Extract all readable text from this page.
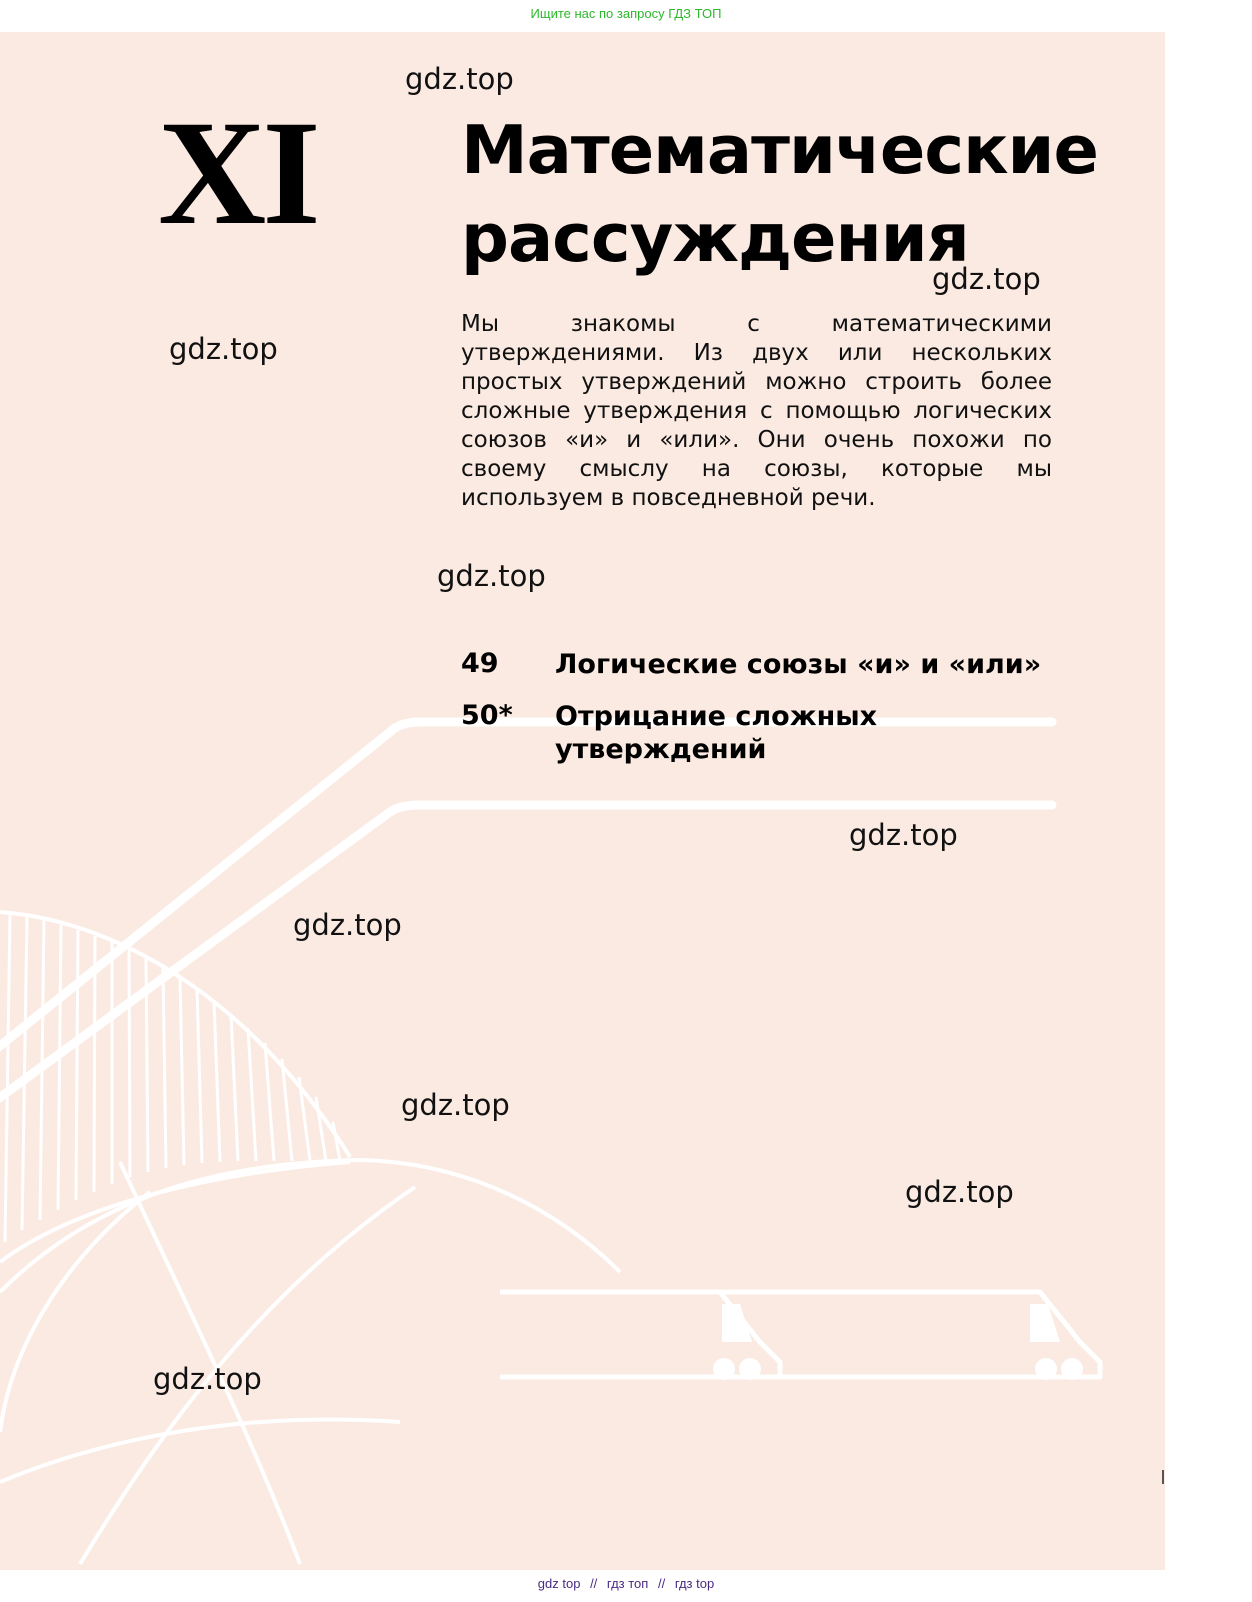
Ищите нас по запросу ГДЗ ТОП
XI Математические
рассуждения

Мы знакомы с математическими утверждениями. Из двух или нескольких простых утверждений можно строить более сложные утверждения с помощью логических союзов «и» и «или». Они очень похожи по своему смыслу на союзы, которые мы используем в повседневной речи.

49 Логические союзы «и» и «или»
50* Отрицание сложных
утверждений
gdz.top
gdz.top
gdz.top
gdz.top
gdz.top
gdz.top
gdz.top
gdz.top
gdz.top
gdz top // гдз топ // гдз top
